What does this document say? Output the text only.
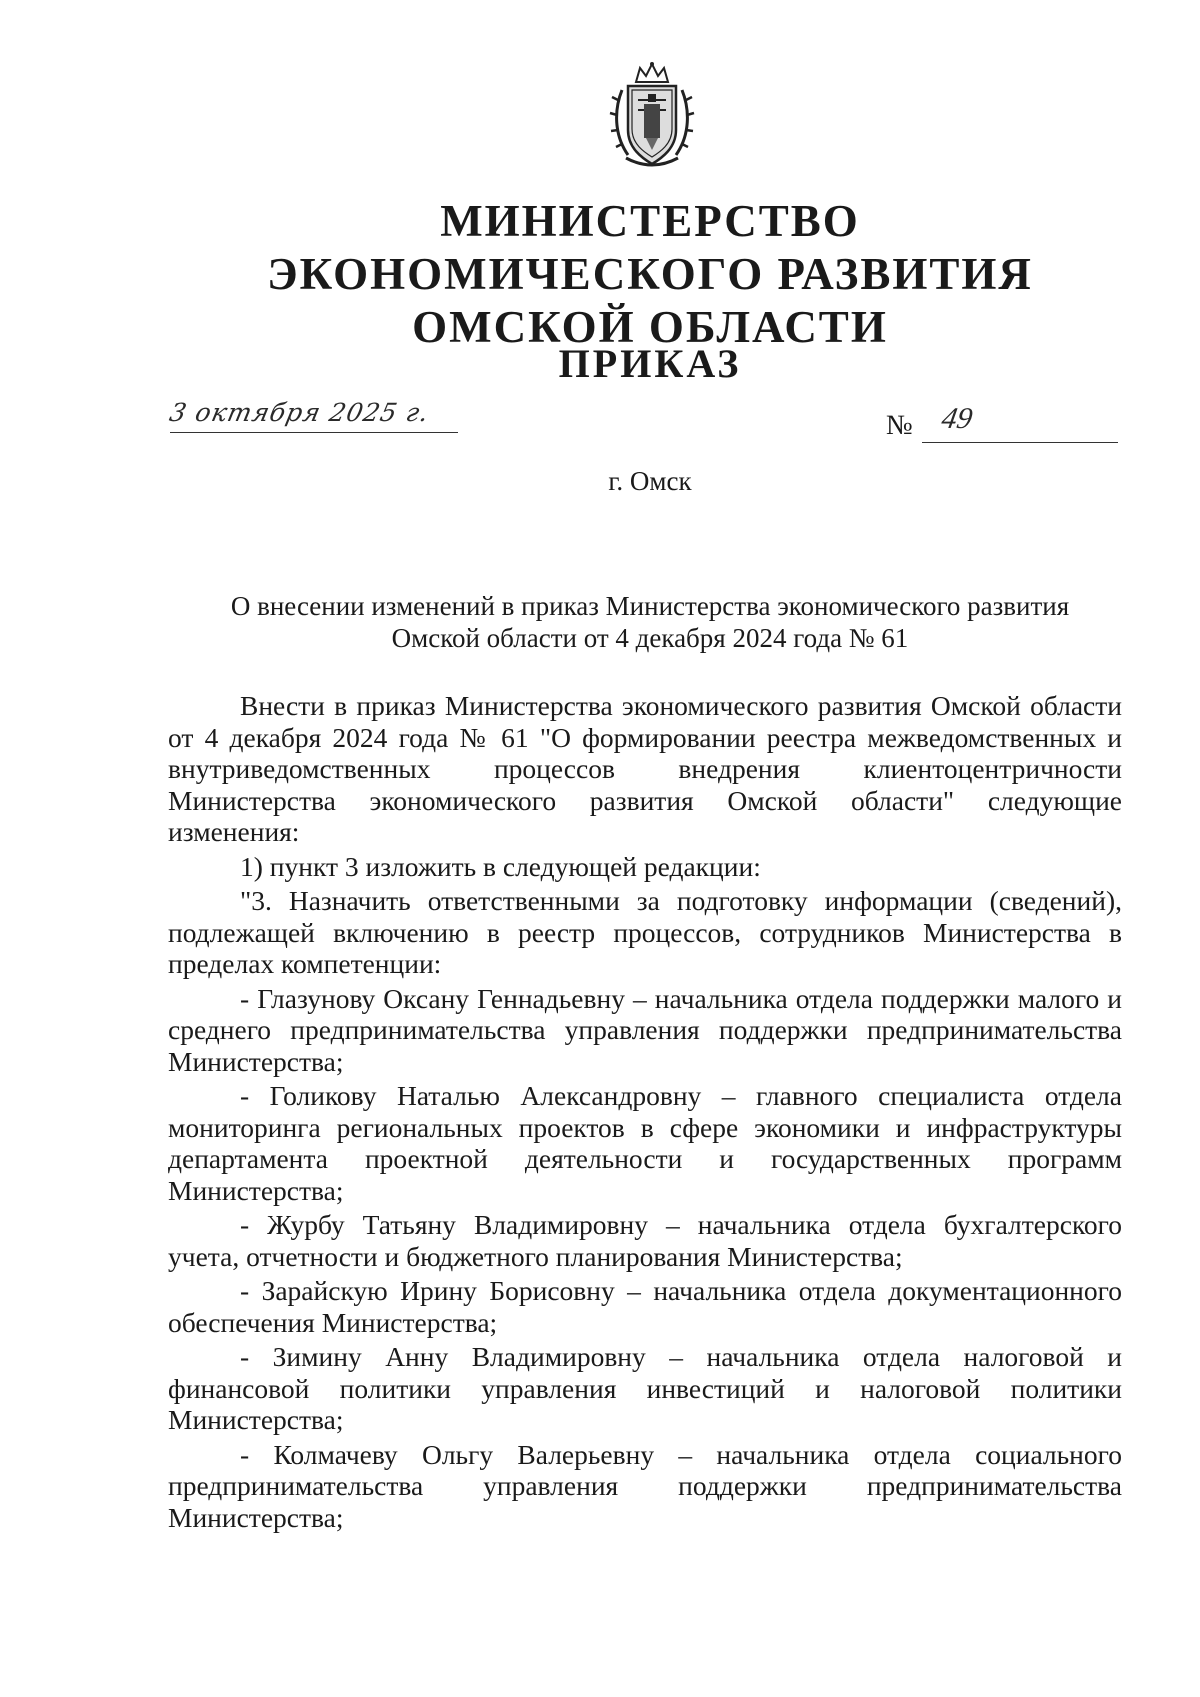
МИНИСТЕРСТВО
ЭКОНОМИЧЕСКОГО РАЗВИТИЯ
ОМСКОЙ ОБЛАСТИ
ПРИКАЗ
3 октября 2025 г.	№ 49
г. Омск

О внесении изменений в приказ Министерства экономического развития Омской области от 4 декабря 2024 года № 61

Внести в приказ Министерства экономического развития Омской области от 4 декабря 2024 года № 61 "О формировании реестра межведомственных и внутриведомственных процессов внедрения клиентоцентричности Министерства экономического развития Омской области" следующие изменения:

1) пункт 3 изложить в следующей редакции:

"3. Назначить ответственными за подготовку информации (сведений), подлежащей включению в реестр процессов, сотрудников Министерства в пределах компетенции:

- Глазунову Оксану Геннадьевну – начальника отдела поддержки малого и среднего предпринимательства управления поддержки предпринимательства Министерства;

- Голикову Наталью Александровну – главного специалиста отдела мониторинга региональных проектов в сфере экономики и инфраструктуры департамента проектной деятельности и государственных программ Министерства;

- Журбу Татьяну Владимировну – начальника отдела бухгалтерского учета, отчетности и бюджетного планирования Министерства;

- Зарайскую Ирину Борисовну – начальника отдела документационного обеспечения Министерства;

- Зимину Анну Владимировну – начальника отдела налоговой и финансовой политики управления инвестиций и налоговой политики Министерства;

- Колмачеву Ольгу Валерьевну – начальника отдела социального предпринимательства управления поддержки предпринимательства Министерства;
